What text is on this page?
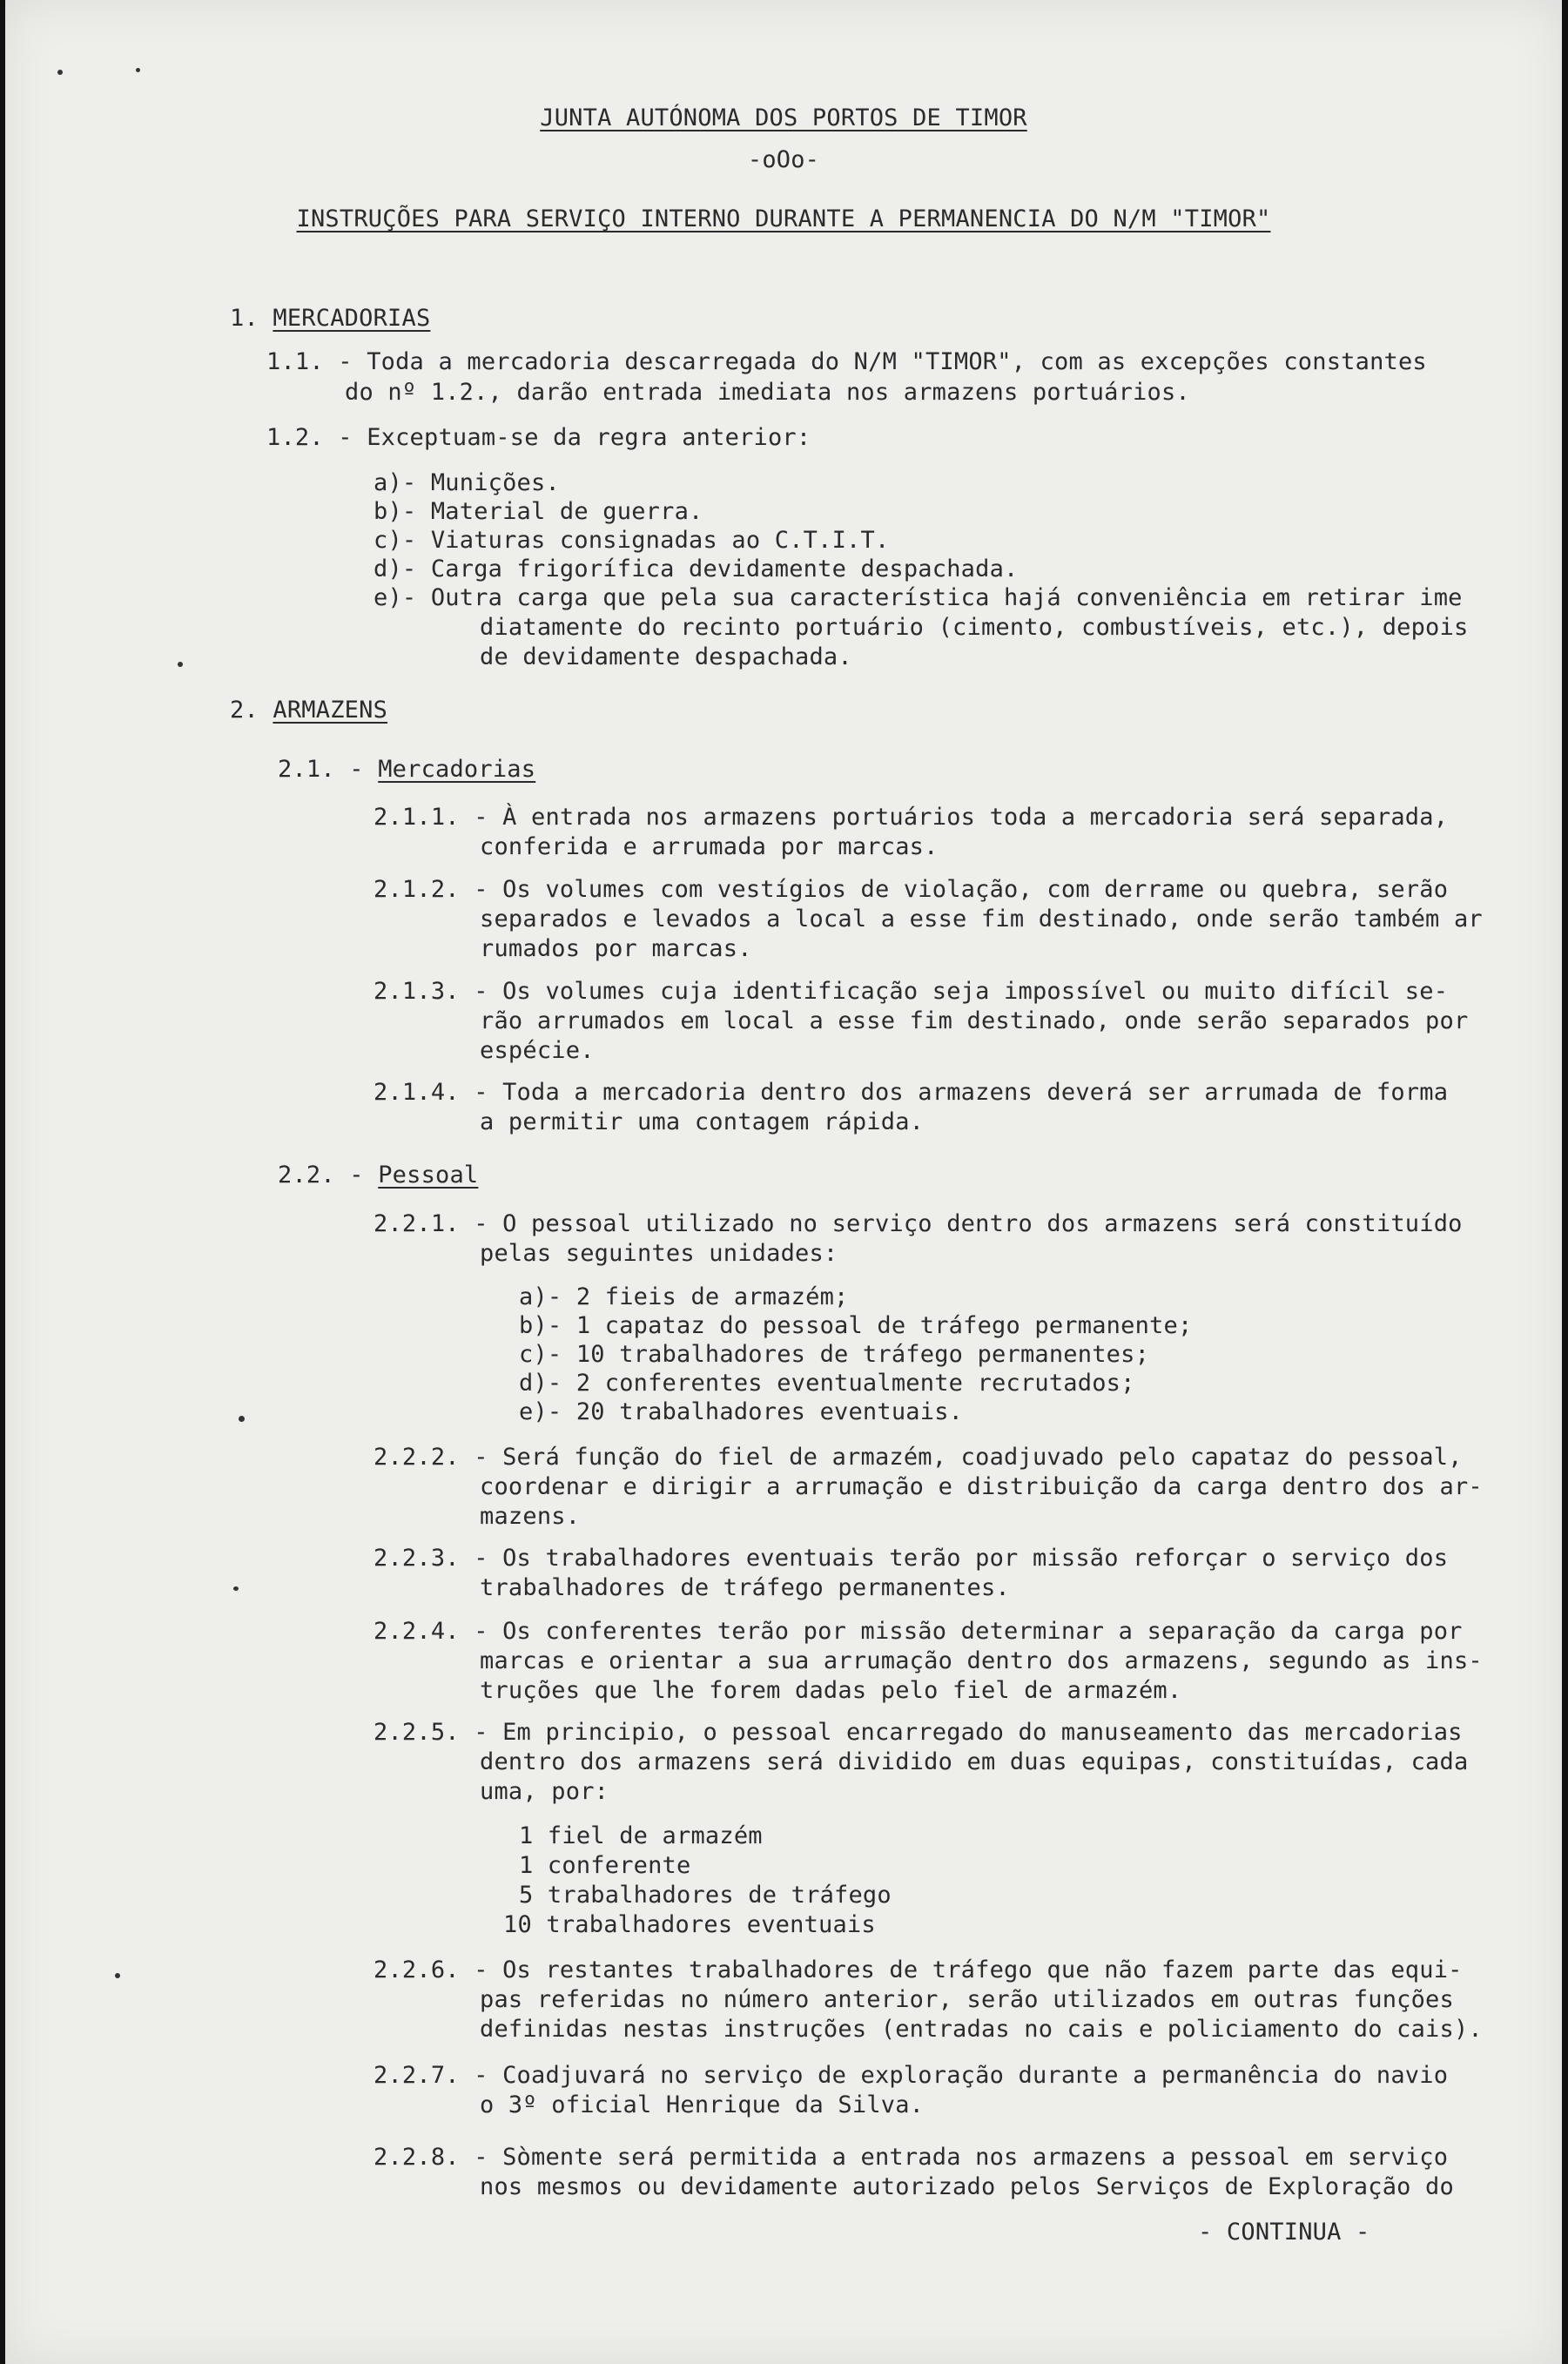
JUNTA AUTÓNOMA DOS PORTOS DE TIMOR
-oOo-
INSTRUÇÕES PARA SERVIÇO INTERNO DURANTE A PERMANENCIA DO N/M "TIMOR"
1. MERCADORIAS
1.1. - Toda a mercadoria descarregada do N/M "TIMOR", com as excepções constantes
do nº 1.2., darão entrada imediata nos armazens portuários.
1.2. - Exceptuam-se da regra anterior:
a)- Munições.
b)- Material de guerra.
c)- Viaturas consignadas ao C.T.I.T.
d)- Carga frigorífica devidamente despachada.
e)- Outra carga que pela sua característica hajá conveniência em retirar ime
diatamente do recinto portuário (cimento, combustíveis, etc.), depois
de devidamente despachada.
2. ARMAZENS
2.1. - Mercadorias
2.1.1. - À entrada nos armazens portuários toda a mercadoria será separada,
conferida e arrumada por marcas.
2.1.2. - Os volumes com vestígios de violação, com derrame ou quebra, serão
separados e levados a local a esse fim destinado, onde serão também ar
rumados por marcas.
2.1.3. - Os volumes cuja identificação seja impossível ou muito difícil se-
rão arrumados em local a esse fim destinado, onde serão separados por
espécie.
2.1.4. - Toda a mercadoria dentro dos armazens deverá ser arrumada de forma
a permitir uma contagem rápida.
2.2. - Pessoal
2.2.1. - O pessoal utilizado no serviço dentro dos armazens será constituído
pelas seguintes unidades:
a)- 2 fieis de armazém;
b)- 1 capataz do pessoal de tráfego permanente;
c)- 10 trabalhadores de tráfego permanentes;
d)- 2 conferentes eventualmente recrutados;
e)- 20 trabalhadores eventuais.
2.2.2. - Será função do fiel de armazém, coadjuvado pelo capataz do pessoal,
coordenar e dirigir a arrumação e distribuição da carga dentro dos ar-
mazens.
2.2.3. - Os trabalhadores eventuais terão por missão reforçar o serviço dos
trabalhadores de tráfego permanentes.
2.2.4. - Os conferentes terão por missão determinar a separação da carga por
marcas e orientar a sua arrumação dentro dos armazens, segundo as ins-
truções que lhe forem dadas pelo fiel de armazém.
2.2.5. - Em principio, o pessoal encarregado do manuseamento das mercadorias
dentro dos armazens será dividido em duas equipas, constituídas, cada
uma, por:
1 fiel de armazém
1 conferente
5 trabalhadores de tráfego
10 trabalhadores eventuais
2.2.6. - Os restantes trabalhadores de tráfego que não fazem parte das equi-
pas referidas no número anterior, serão utilizados em outras funções
definidas nestas instruções (entradas no cais e policiamento do cais).
2.2.7. - Coadjuvará no serviço de exploração durante a permanência do navio
o 3º oficial Henrique da Silva.
2.2.8. - Sòmente será permitida a entrada nos armazens a pessoal em serviço
nos mesmos ou devidamente autorizado pelos Serviços de Exploração do
- CONTINUA -
